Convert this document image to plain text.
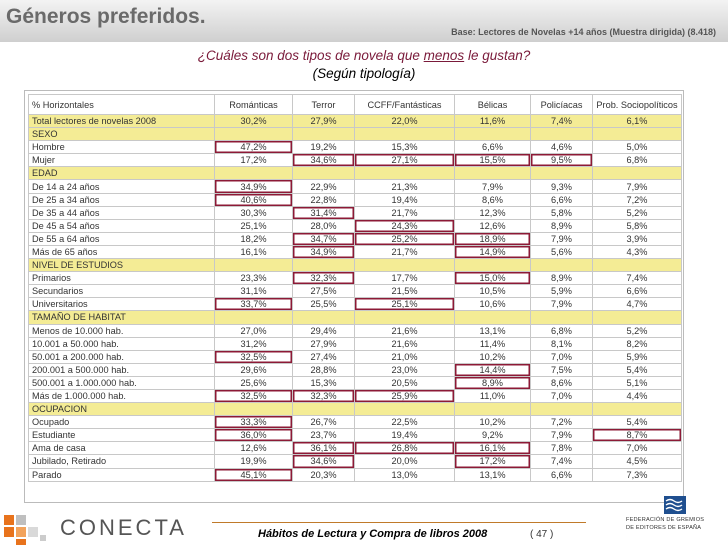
Géneros preferidos.
Base: Lectores de Novelas +14 años (Muestra dirigida) (8.418)
¿Cuáles son dos tipos de novela que menos le gustan?
(Según tipología)
% Horizontales	Románticas	Terror	CCFF/Fantásticas	Bélicas	Policíacas	Prob. Sociopolíticos
Total lectores de novelas 2008	30,2%	27,9%	22,0%	11,6%	7,4%	6,1%
SEXO						
Hombre	47,2%	19,2%	15,3%	6,6%	4,6%	5,0%
Mujer	17,2%	34,6%	27,1%	15,5%	9,5%	6,8%
EDAD						
De 14 a 24 años	34,9%	22,9%	21,3%	7,9%	9,3%	7,9%
De 25 a 34 años	40,6%	22,8%	19,4%	8,6%	6,6%	7,2%
De 35 a 44 años	30,3%	31,4%	21,7%	12,3%	5,8%	5,2%
De 45 a 54 años	25,1%	28,0%	24,3%	12,6%	8,9%	5,8%
De 55 a 64 años	18,2%	34,7%	25,2%	18,9%	7,9%	3,9%
Más de 65 años	16,1%	34,9%	21,7%	14,9%	5,6%	4,3%
NIVEL DE ESTUDIOS						
Primarios	23,3%	32,3%	17,7%	15,0%	8,9%	7,4%
Secundarios	31,1%	27,5%	21,5%	10,5%	5,9%	6,6%
Universitarios	33,7%	25,5%	25,1%	10,6%	7,9%	4,7%
TAMAÑO DE HABITAT						
Menos de 10.000 hab.	27,0%	29,4%	21,6%	13,1%	6,8%	5,2%
10.001 a 50.000 hab.	31,2%	27,9%	21,6%	11,4%	8,1%	8,2%
50.001 a 200.000 hab.	32,5%	27,4%	21,0%	10,2%	7,0%	5,9%
200.001 a 500.000 hab.	29,6%	28,8%	23,0%	14,4%	7,5%	5,4%
500.001 a 1.000.000 hab.	25,6%	15,3%	20,5%	8,9%	8,6%	5,1%
Más de 1.000.000 hab.	32,5%	32,3%	25,9%	11,0%	7,0%	4,4%
OCUPACION						
Ocupado	33,3%	26,7%	22,5%	10,2%	7,2%	5,4%
Estudiante	36,0%	23,7%	19,4%	9,2%	7,9%	8,7%
Ama de casa	12,6%	36,1%	26,8%	16,1%	7,8%	7,0%
Jubilado, Retirado	19,9%	34,6%	20,0%	17,2%	7,4%	4,5%
Parado	45,1%	20,3%	13,0%	13,1%	6,6%	7,3%
CONECTA	Hábitos de Lectura y Compra de libros 2008	( 47 )
FEDERACIÓN DE GREMIOS
DE EDITORES DE ESPAÑA
